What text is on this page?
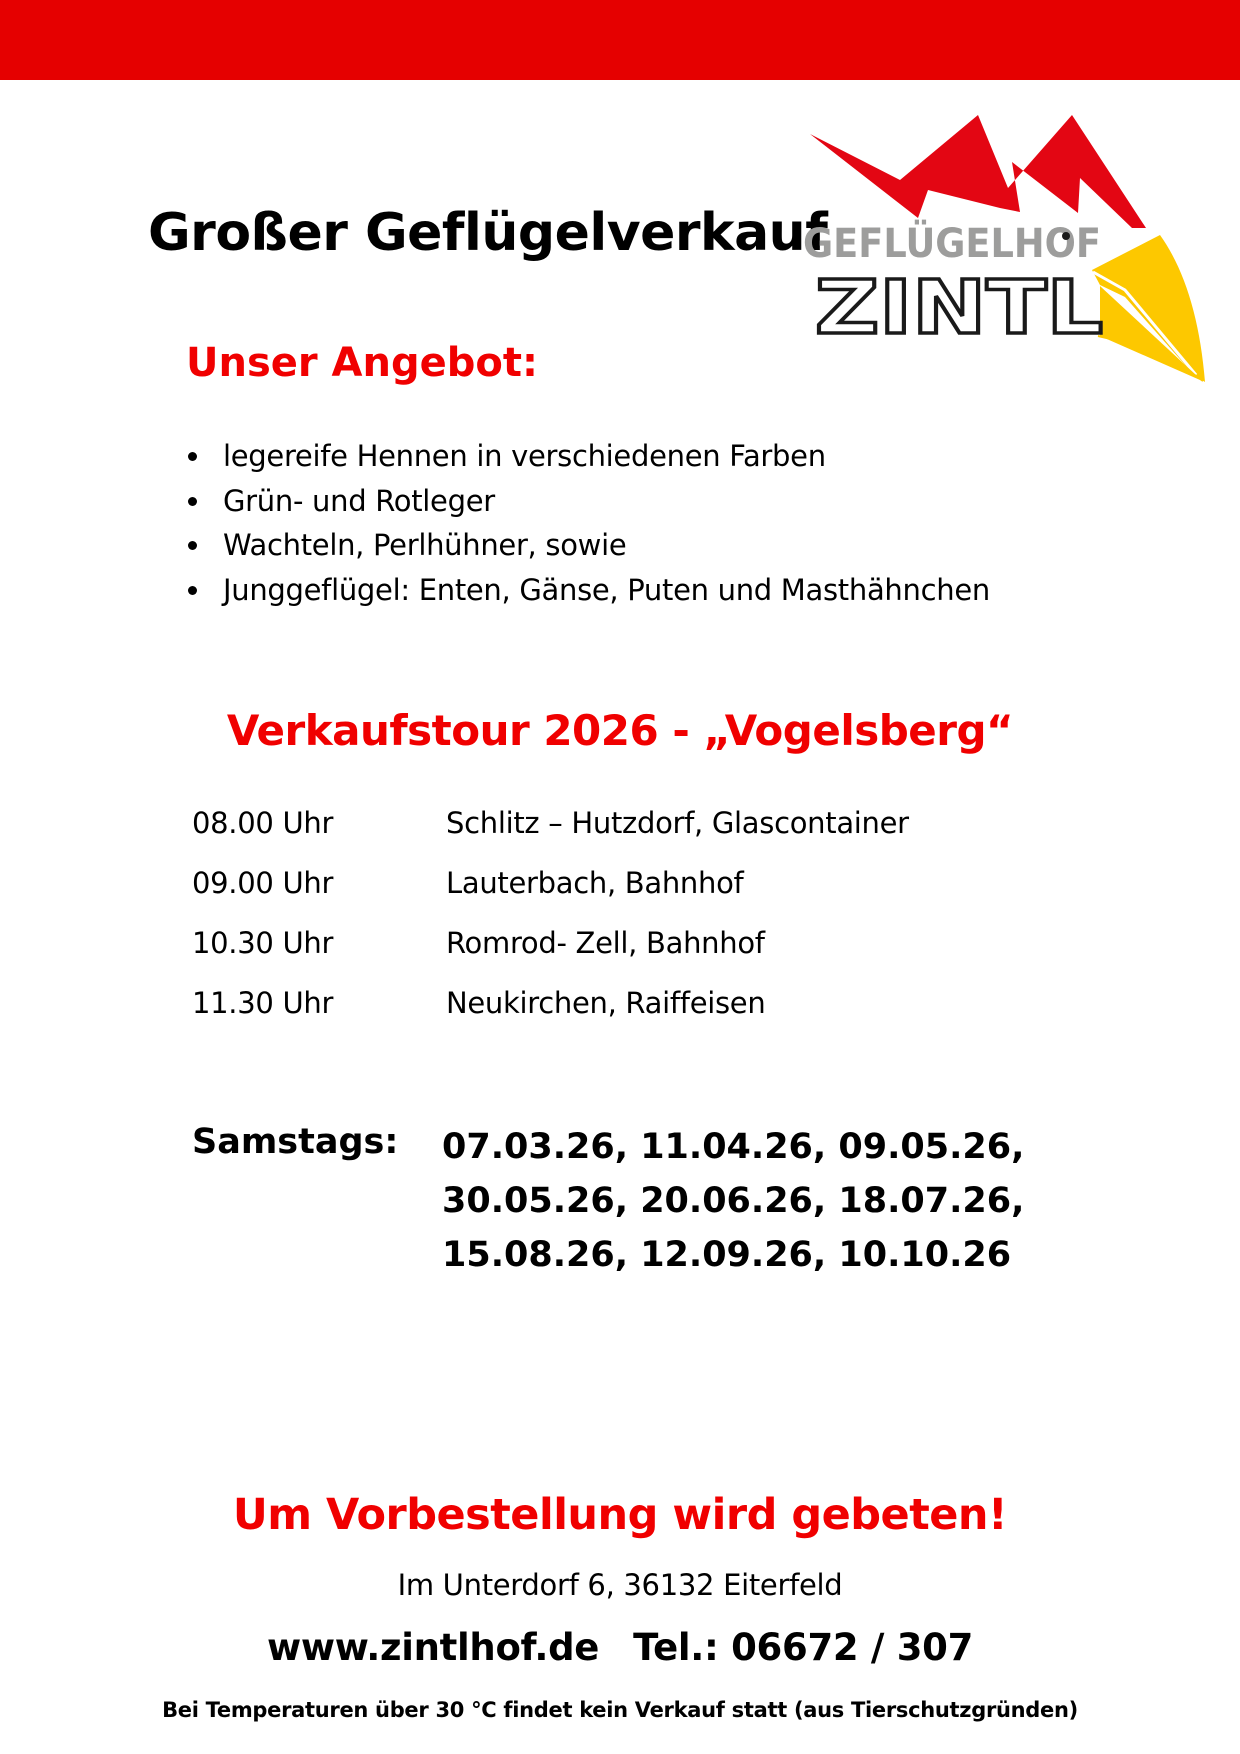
Großer Geflügelverkauf
GEFLÜGELHOF
ZINTL
Unser Angebot:
legereife Hennen in verschiedenen Farben
Grün- und Rotleger
Wachteln, Perlhühner, sowie
Junggeflügel: Enten, Gänse, Puten und Masthähnchen
Verkaufstour 2026 - „Vogelsberg“
08.00 Uhr	Schlitz – Hutzdorf, Glascontainer
09.00 Uhr	Lauterbach, Bahnhof
10.30 Uhr	Romrod- Zell, Bahnhof
11.30 Uhr	Neukirchen, Raiffeisen
Samstags: 07.03.26, 11.04.26, 09.05.26,
30.05.26, 20.06.26, 18.07.26,
15.08.26, 12.09.26, 10.10.26
Um Vorbestellung wird gebeten!
Im Unterdorf 6, 36132 Eiterfeld
www.zintlhof.de Tel.: 06672 / 307
Bei Temperaturen über 30 °C findet kein Verkauf statt (aus Tierschutzgründen)
